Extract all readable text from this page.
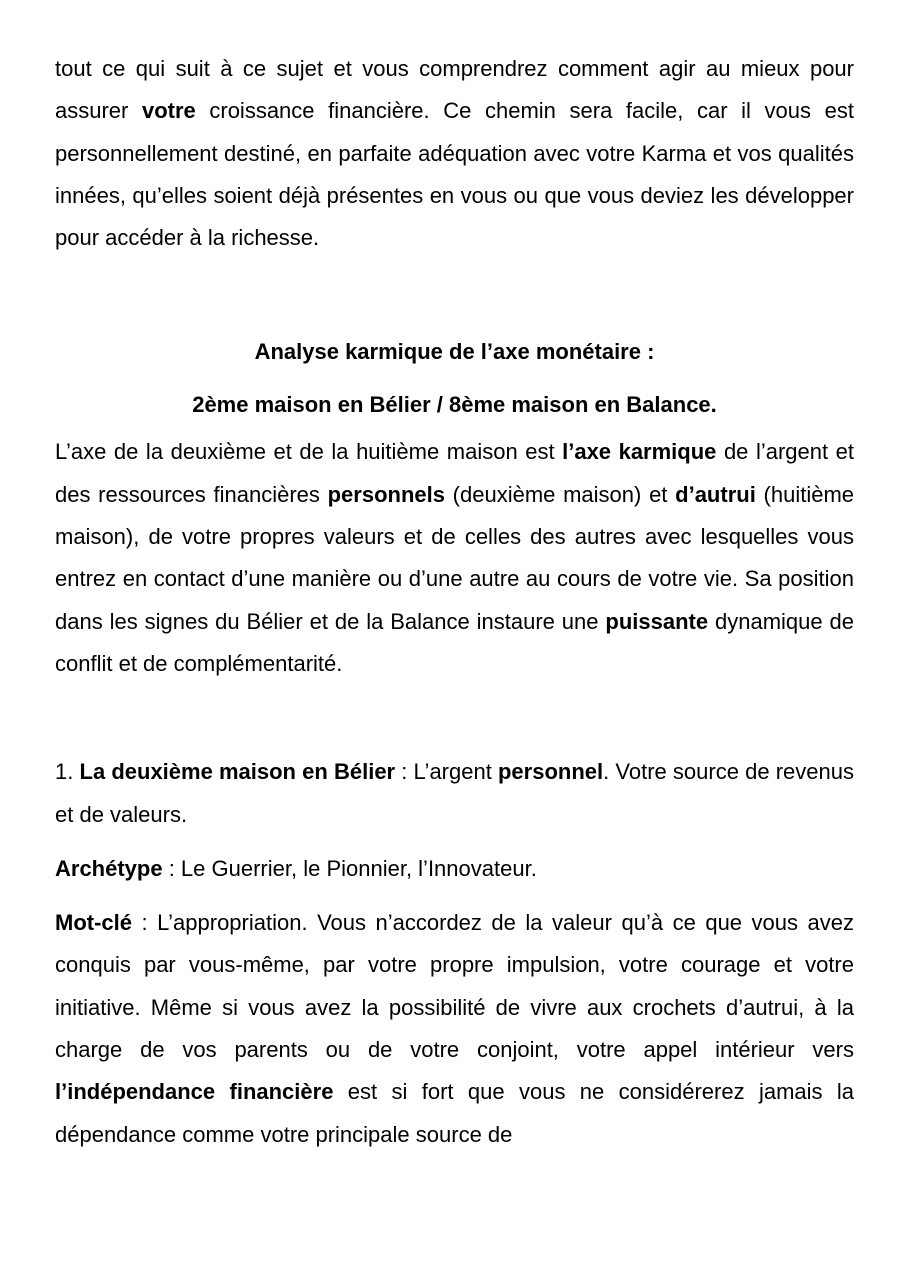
tout ce qui suit à ce sujet et vous comprendrez comment agir au mieux pour assurer votre croissance financière. Ce chemin sera facile, car il vous est personnellement destiné, en parfaite adéquation avec votre Karma et vos qualités innées, qu’elles soient déjà présentes en vous ou que vous deviez les développer pour accéder à la richesse.

Analyse karmique de l’axe monétaire :
2ème maison en Bélier / 8ème maison en Balance.

L’axe de la deuxième et de la huitième maison est l’axe karmique de l’argent et des ressources financières personnels (deuxième maison) et d’autrui (huitième maison), de votre propres valeurs et de celles des autres avec lesquelles vous entrez en contact d’une manière ou d’une autre au cours de votre vie. Sa position dans les signes du Bélier et de la Balance instaure une puissante dynamique de conflit et de complémentarité.

1. La deuxième maison en Bélier : L’argent personnel. Votre source de revenus et de valeurs.

Archétype : Le Guerrier, le Pionnier, l’Innovateur.

Mot-clé : L’appropriation. Vous n’accordez de la valeur qu’à ce que vous avez conquis par vous-même, par votre propre impulsion, votre courage et votre initiative. Même si vous avez la possibilité de vivre aux crochets d’autrui, à la charge de vos parents ou de votre conjoint, votre appel intérieur vers l’indépendance financière est si fort que vous ne considérerez jamais la dépendance comme votre principale source de
